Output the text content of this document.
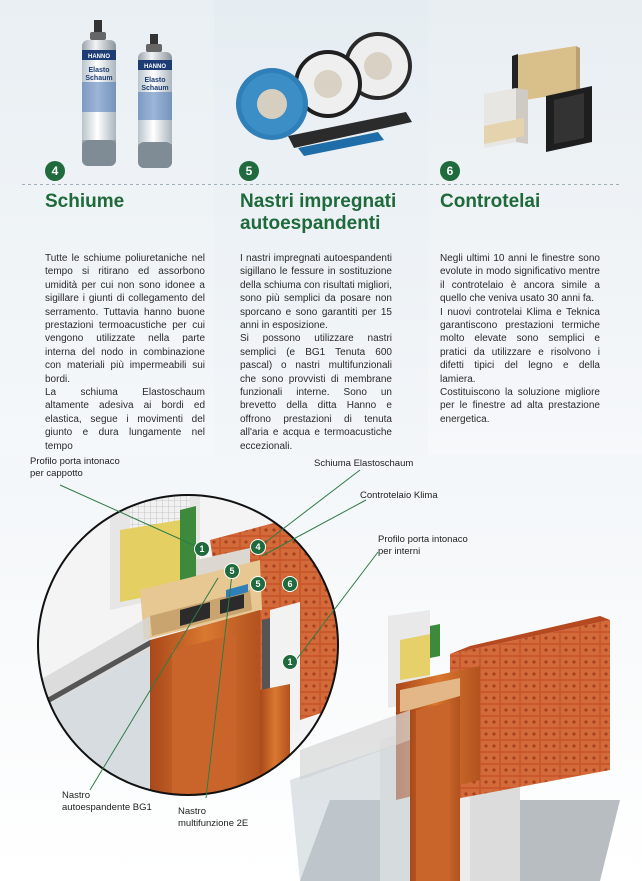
HANNO
Elasto
Schaum
HANNO
Elasto
Schaum
4	5	6
Schiume	Nastri impregnati
autoespandenti
Controtelai

Tutte le schiume poliuretaniche nel tempo si ritirano ed assorbono umidità per cui non sono idonee a sigillare i giunti di collegamento del serramento. Tuttavia hanno buone prestazioni termoacustiche per cui vengono utilizzate nella parte interna del nodo in combinazione con materiali più impermeabili sui bordi.

La schiuma Elastoschaum altamente adesiva ai bordi ed elastica, segue i movimenti del giunto e dura lungamente nel tempo

I nastri impregnati autoespandenti sigillano le fessure in sostituzione della schiuma con risultati migliori, sono più semplici da posare non sporcano e sono garantiti per 15 anni in esposizione.

Si possono utilizzare nastri semplici (e BG1 Tenuta 600 pascal) o nastri multifunzionali che sono provvisti di membrane funzionali interne. Sono un brevetto della ditta Hanno e offrono prestazioni di tenuta all'aria e acqua e termoacustiche eccezionali.

Negli ultimi 10 anni le finestre sono evolute in modo significativo mentre il controtelaio è ancora simile a quello che veniva usato 30 anni fa.

I nuovi controtelai Klima e Teknica garantiscono prestazioni termiche molto elevate sono semplici e pratici da utilizzare e risolvono i difetti tipici del legno e della lamiera.

Costituiscono la soluzione migliore per le finestre ad alta prestazione energetica.

1	4
5
5	6
1
Profilo porta intonaco
per cappotto
Schiuma Elastoschaum
Controtelaio Klima
Profilo porta intonaco
per interni
Nastro
autoespandente BG1	Nastro
multifunzione 2E
